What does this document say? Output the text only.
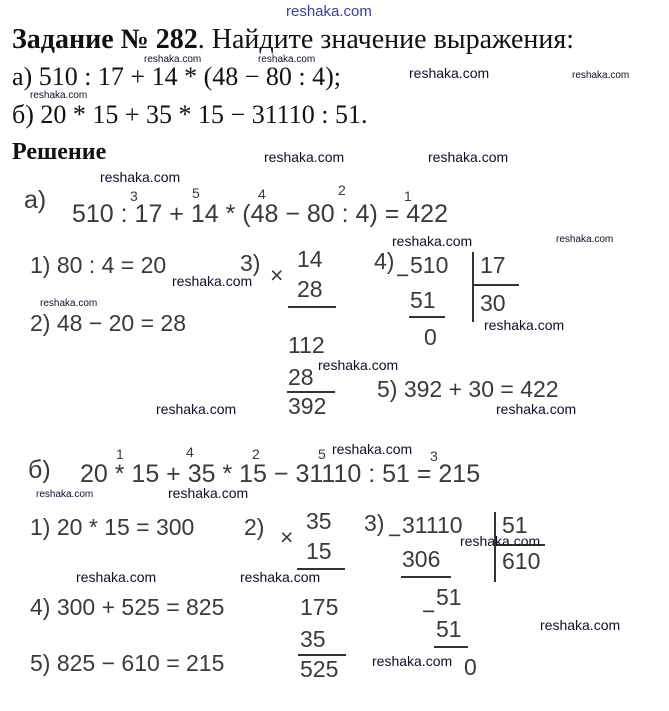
reshaka.com
Задание № 282. Найдите значение выражения:
а) 510 : 17 + 14 * (48 − 80 : 4);
б) 20 * 15 + 35 * 15 − 31110 : 51.
Решение
а) 510 : 17 + 14 * (48 − 80 : 4) = 422
3	5	4	2	1
1) 80 : 4 = 20
2) 48 − 20 = 28
3) ×
14
28
112
28
392
4)
− 510 17
51 30
0
5) 392 + 30 = 422
б) 20 * 15 + 35 * 15 − 31110 : 51 = 215
1	4	2	5	3
1) 20 * 15 = 300 2) ×
35
15
175
35
525
3) − 31110 51
306	610
−
51
51
0
4) 300 + 525 = 825
5) 825 − 610 = 215
reshaka.com	reshaka.com
reshaka.com	reshaka.com
reshaka.com
reshaka.com	reshaka.com
reshaka.com
reshaka.com	reshaka.com
reshaka.com
reshaka.com
reshaka.com
reshaka.com
reshaka.com	reshaka.com
reshaka.com
reshaka.com	reshaka.com
reshaka.com
reshaka.com	reshaka.com
reshaka.com
reshaka.com
